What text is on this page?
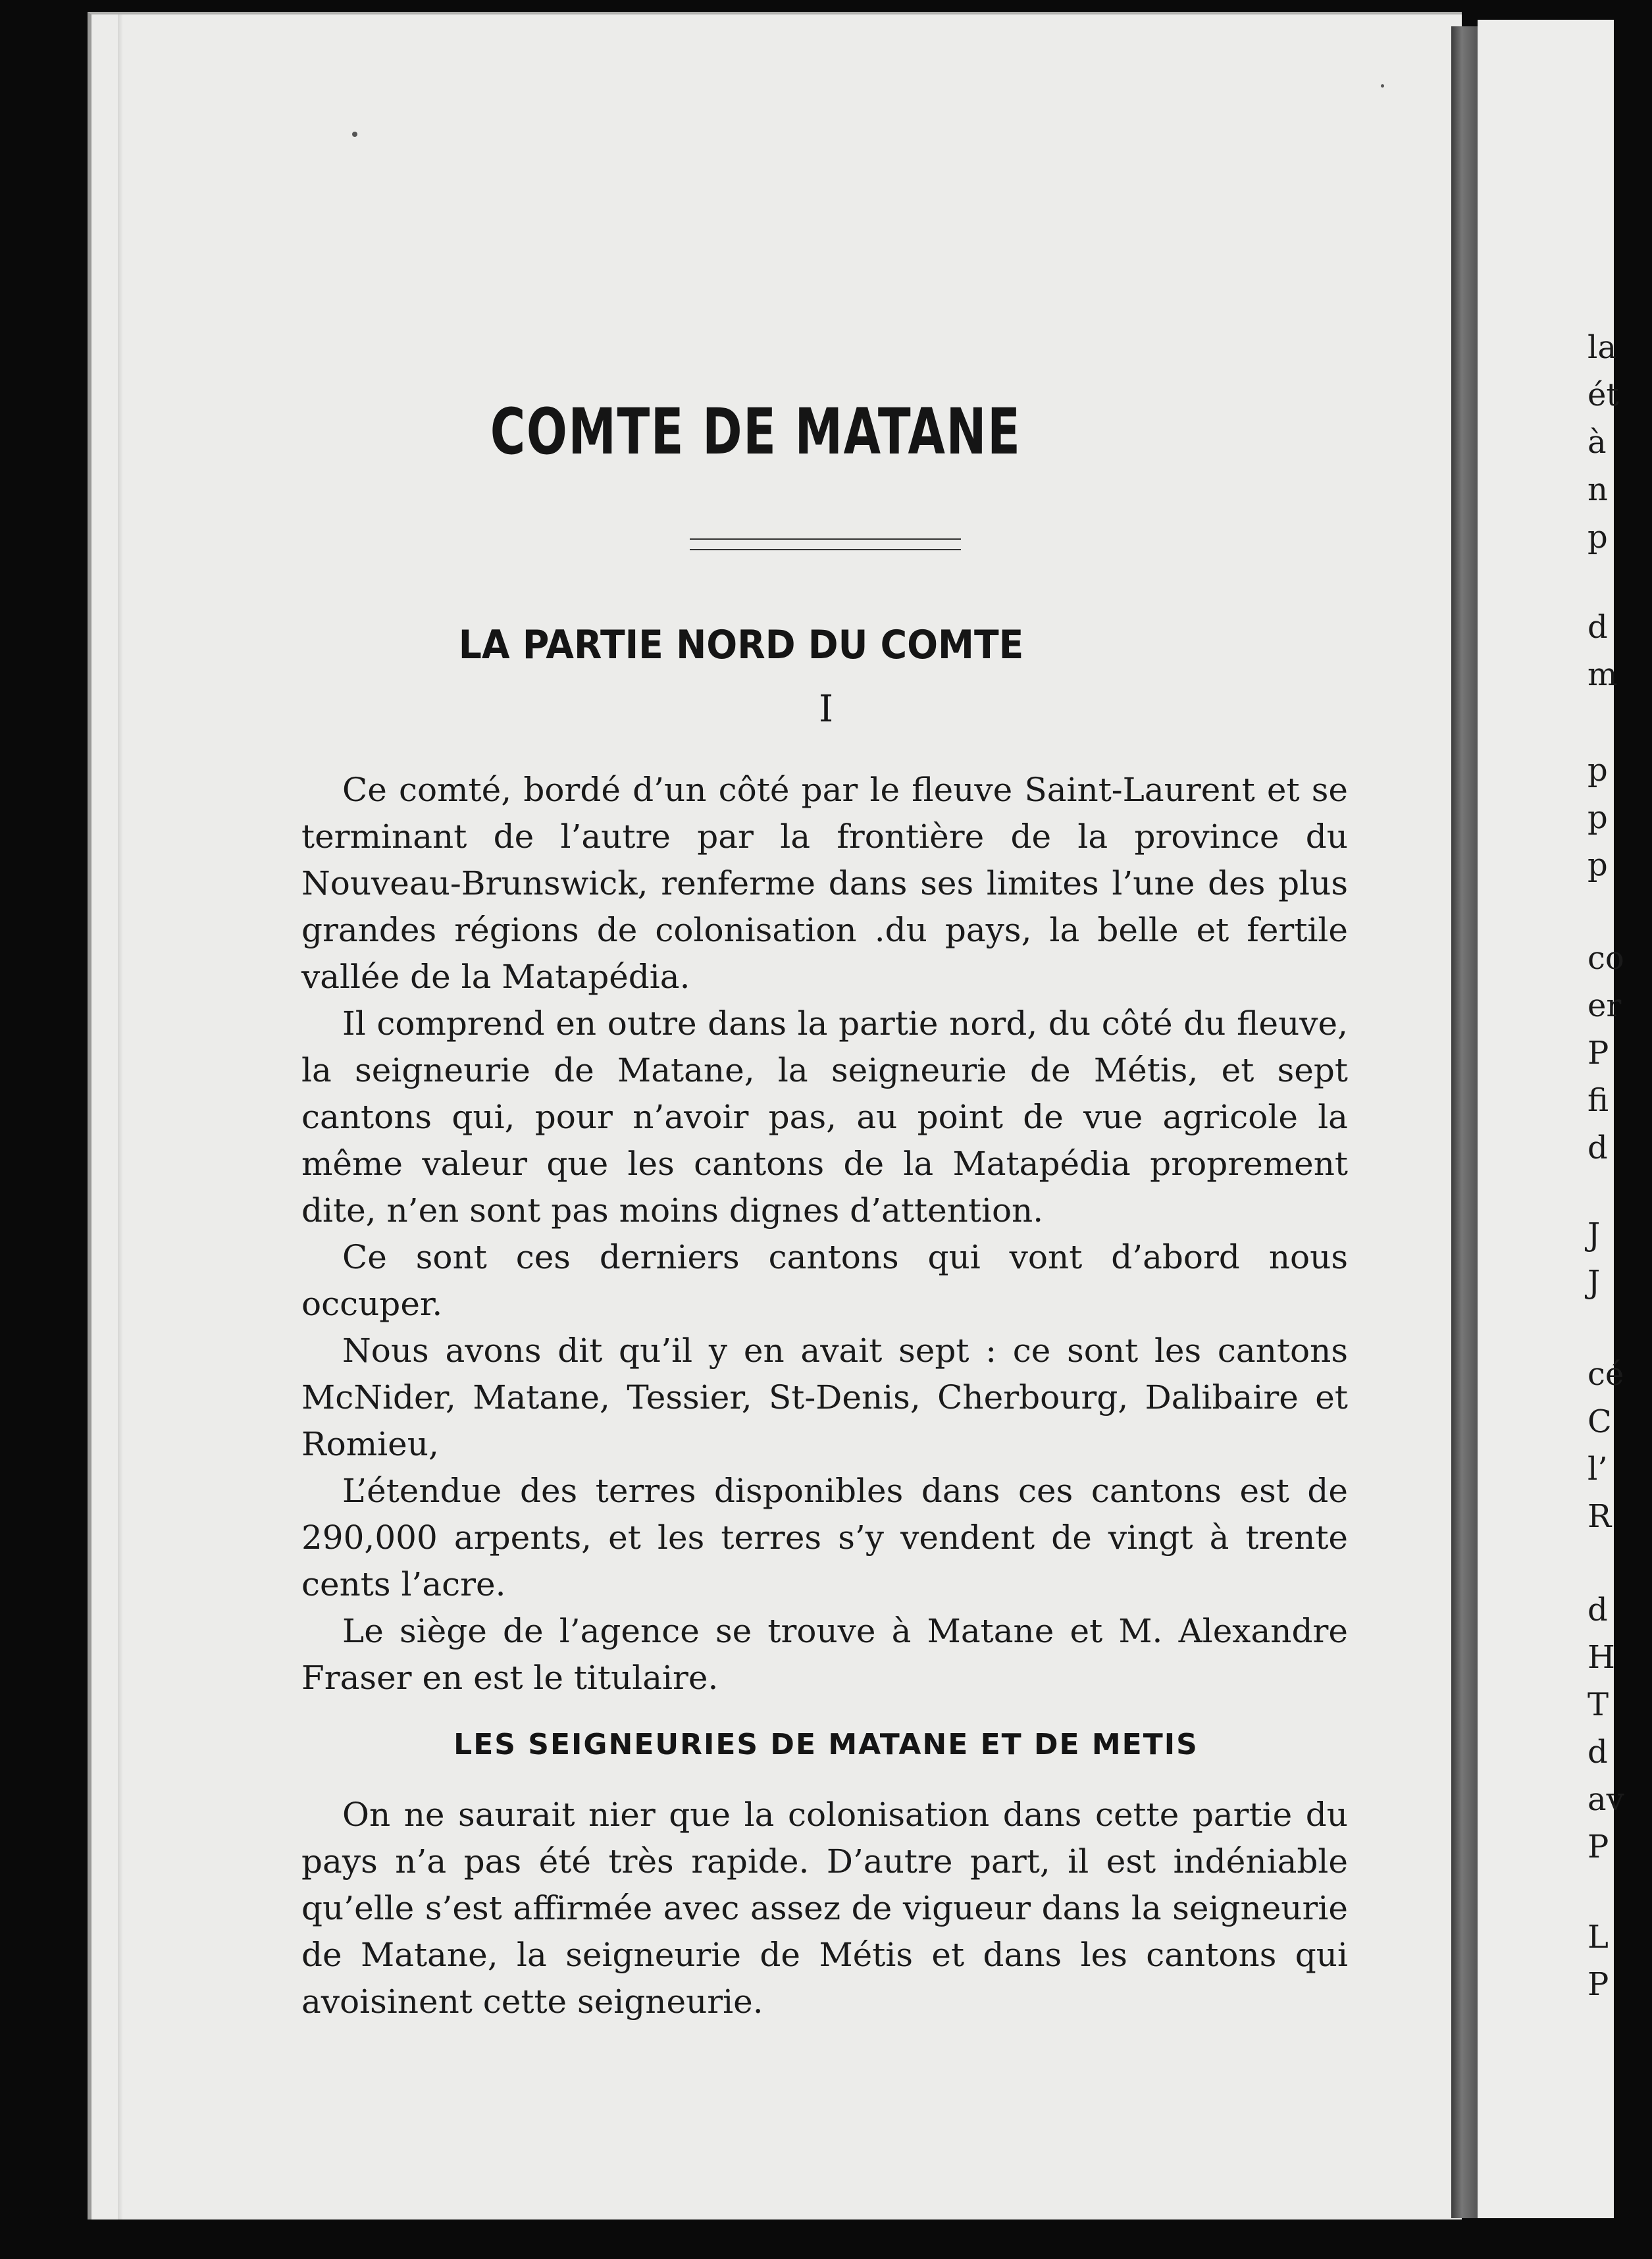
COMTE DE MATANE
LA PARTIE NORD DU COMTE
I

Ce comté, bordé d’un côté par le fleuve Saint-Laurent et se terminant de l’autre par la frontière de la province du Nouveau-Brunswick, renferme dans ses limites l’une des plus grandes régions de colonisation .du pays, la belle et fertile vallée de la Matapédia.

Il comprend en outre dans la partie nord, du côté du fleuve, la seigneurie de Matane, la seigneurie de Métis, et sept cantons qui, pour n’avoir pas, au point de vue agricole la même valeur que les cantons de la Matapédia proprement dite, n’en sont pas moins dignes d’attention.

Ce sont ces derniers cantons qui vont d’abord nous occuper.

Nous avons dit qu’il y en avait sept : ce sont les cantons McNider, Matane, Tessier, St-Denis, Cherbourg, Dalibaire et Romieu,

L’étendue des terres disponibles dans ces cantons est de 290,000 arpents, et les terres s’y vendent de vingt à trente cents l’acre.

Le siège de l’agence se trouve à Matane et M. Alexandre Fraser en est le titulaire.

LES SEIGNEURIES DE MATANE ET DE METIS

On ne saurait nier que la colonisation dans cette partie du pays n’a pas été très rapide. D’autre part, il est indéniable qu’elle s’est affirmée avec assez de vigueur dans la seigneurie de Matane, la seigneurie de Métis et dans les cantons qui avoisinent cette seigneurie.

la
ét
à
n
p
d
m
p
p
p
co
er
P
fi
d
J
J
cé
C
l’
R
d
H
T
d
av
P
L
P
